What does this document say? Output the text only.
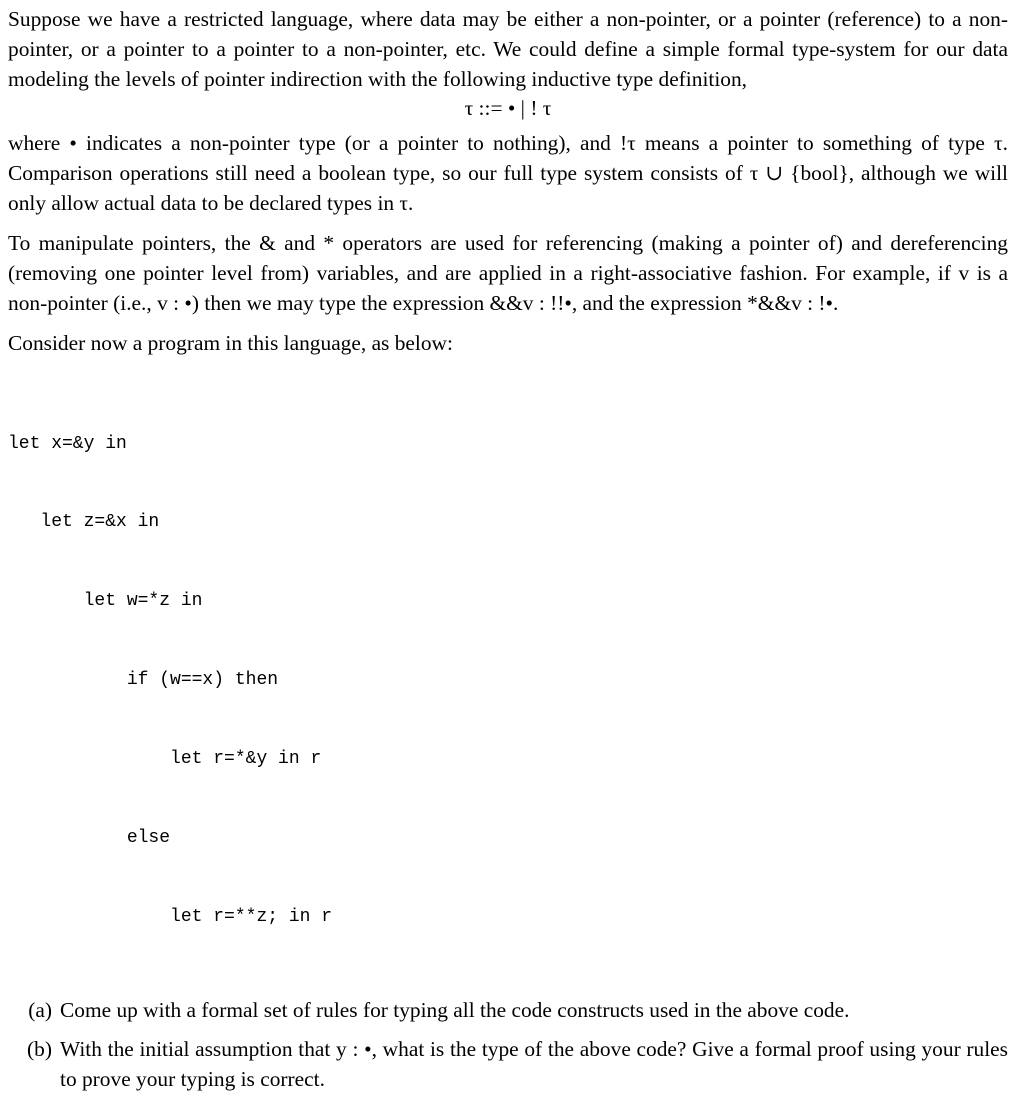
Suppose we have a restricted language, where data may be either a non-pointer, or a pointer (reference) to a non-pointer, or a pointer to a pointer to a non-pointer, etc. We could define a simple formal type-system for our data modeling the levels of pointer indirection with the following inductive type definition,

τ ::= • | ! τ

where • indicates a non-pointer type (or a pointer to nothing), and !τ means a pointer to something of type τ. Comparison operations still need a boolean type, so our full type system consists of τ ∪ {bool}, although we will only allow actual data to be declared types in τ.

To manipulate pointers, the & and * operators are used for referencing (making a pointer of) and dereferencing (removing one pointer level from) variables, and are applied in a right-associative fashion. For example, if v is a non-pointer (i.e., v : •) then we may type the expression &&v : !!•, and the expression *&&v : !•.

Consider now a program in this language, as below:

let x=&y in

let z=&x in

let w=*z in

if (w==x) then

let r=*&y in r

else

let r=**z; in r

(a) Come up with a formal set of rules for typing all the code constructs used in the above code.
(b) With the initial assumption that y : •, what is the type of the above code? Give a formal proof using your rules to prove your typing is correct.
